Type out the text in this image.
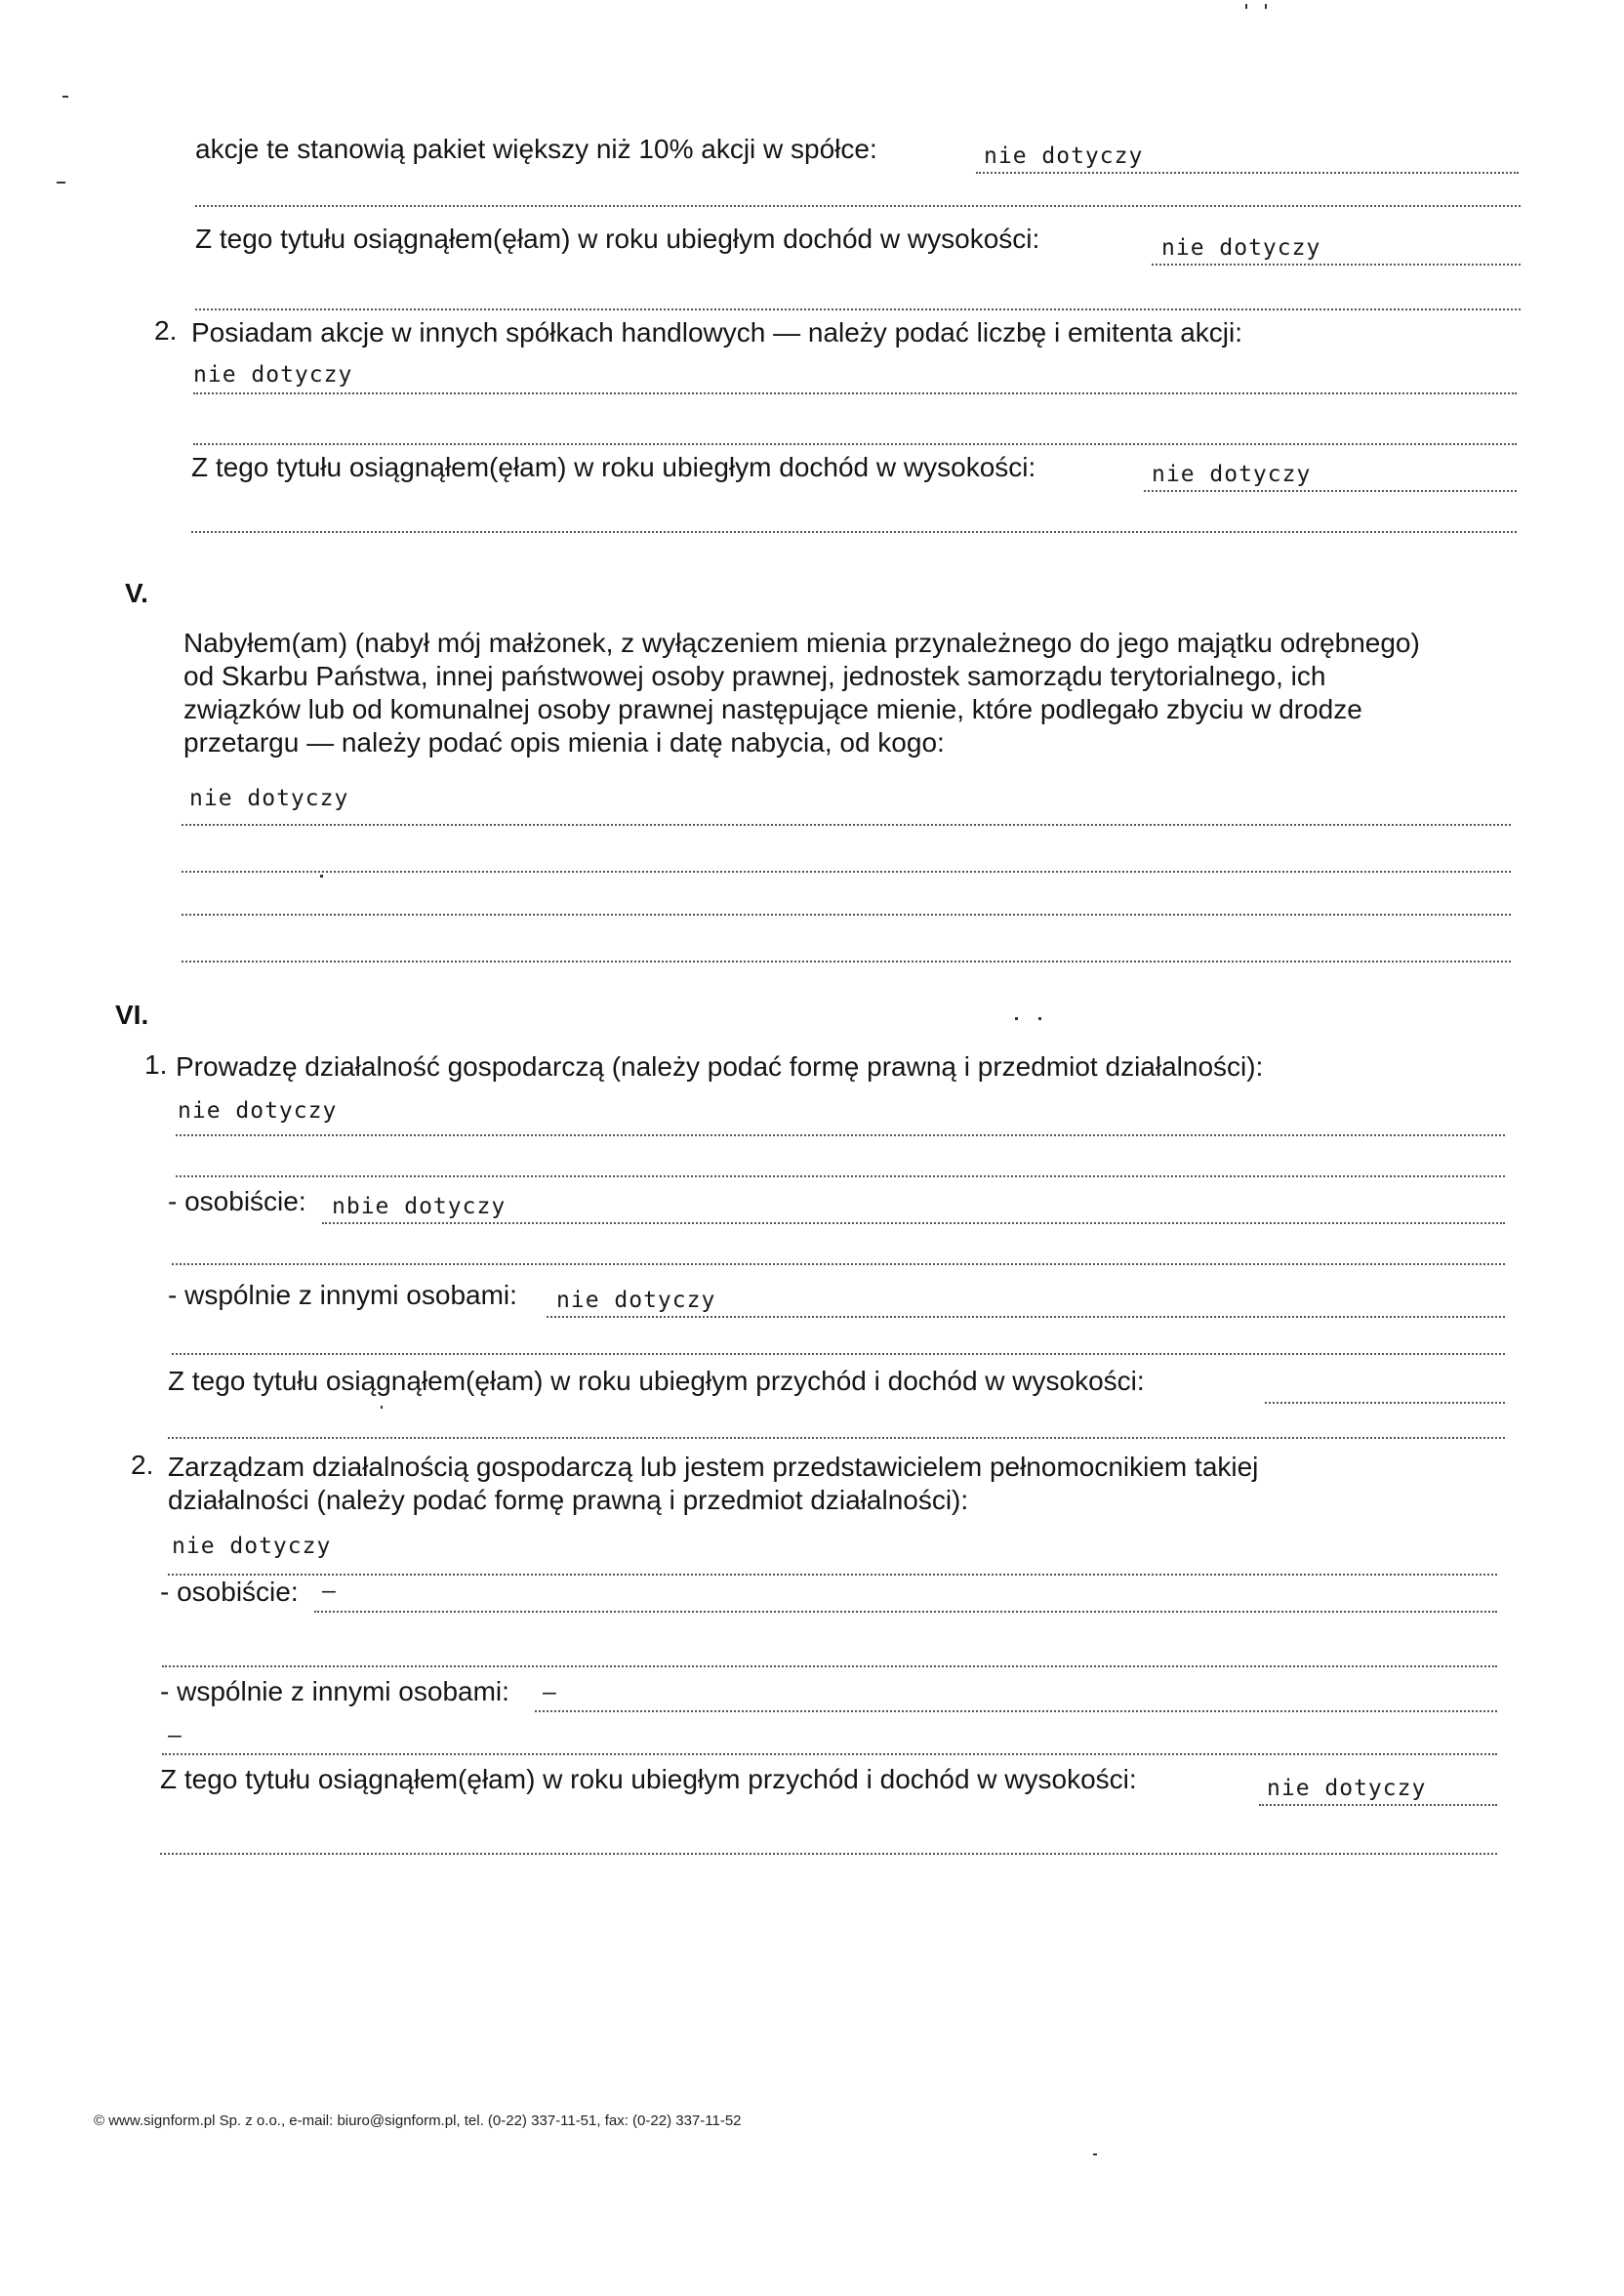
akcje te stanowią pakiet większy niż 10% akcji w spółce:	nie dotyczy
Z tego tytułu osiągnąłem(ęłam) w roku ubiegłym dochód w wysokości:	nie dotyczy
2. Posiadam akcje w innych spółkach handlowych — należy podać liczbę i emitenta akcji:
nie dotyczy
Z tego tytułu osiągnąłem(ęłam) w roku ubiegłym dochód w wysokości:	nie dotyczy
V.
Nabyłem(am) (nabył mój małżonek, z wyłączeniem mienia przynależnego do jego majątku odrębnego) od Skarbu Państwa, innej państwowej osoby prawnej, jednostek samorządu terytorialnego, ich związków lub od komunalnej osoby prawnej następujące mienie, które podlegało zbyciu w drodze przetargu — należy podać opis mienia i datę nabycia, od kogo:
nie dotyczy
VI.
1. Prowadzę działalność gospodarczą (należy podać formę prawną i przedmiot działalności):
nie dotyczy
- osobiście: nbie dotyczy
- wspólnie z innymi osobami: nie dotyczy
Z tego tytułu osiągnąłem(ęłam) w roku ubiegłym przychód i dochód w wysokości:
2. Zarządzam działalnością gospodarczą lub jestem przedstawicielem pełnomocnikiem takiej
działalności (należy podać formę prawną i przedmiot działalności):
nie dotyczy
- osobiście: –
- wspólnie z innymi osobami: –
–
Z tego tytułu osiągnąłem(ęłam) w roku ubiegłym przychód i dochód w wysokości:	nie dotyczy
© www.signform.pl Sp. z o.o., e-mail: biuro@signform.pl, tel. (0-22) 337-11-51, fax: (0-22) 337-11-52
